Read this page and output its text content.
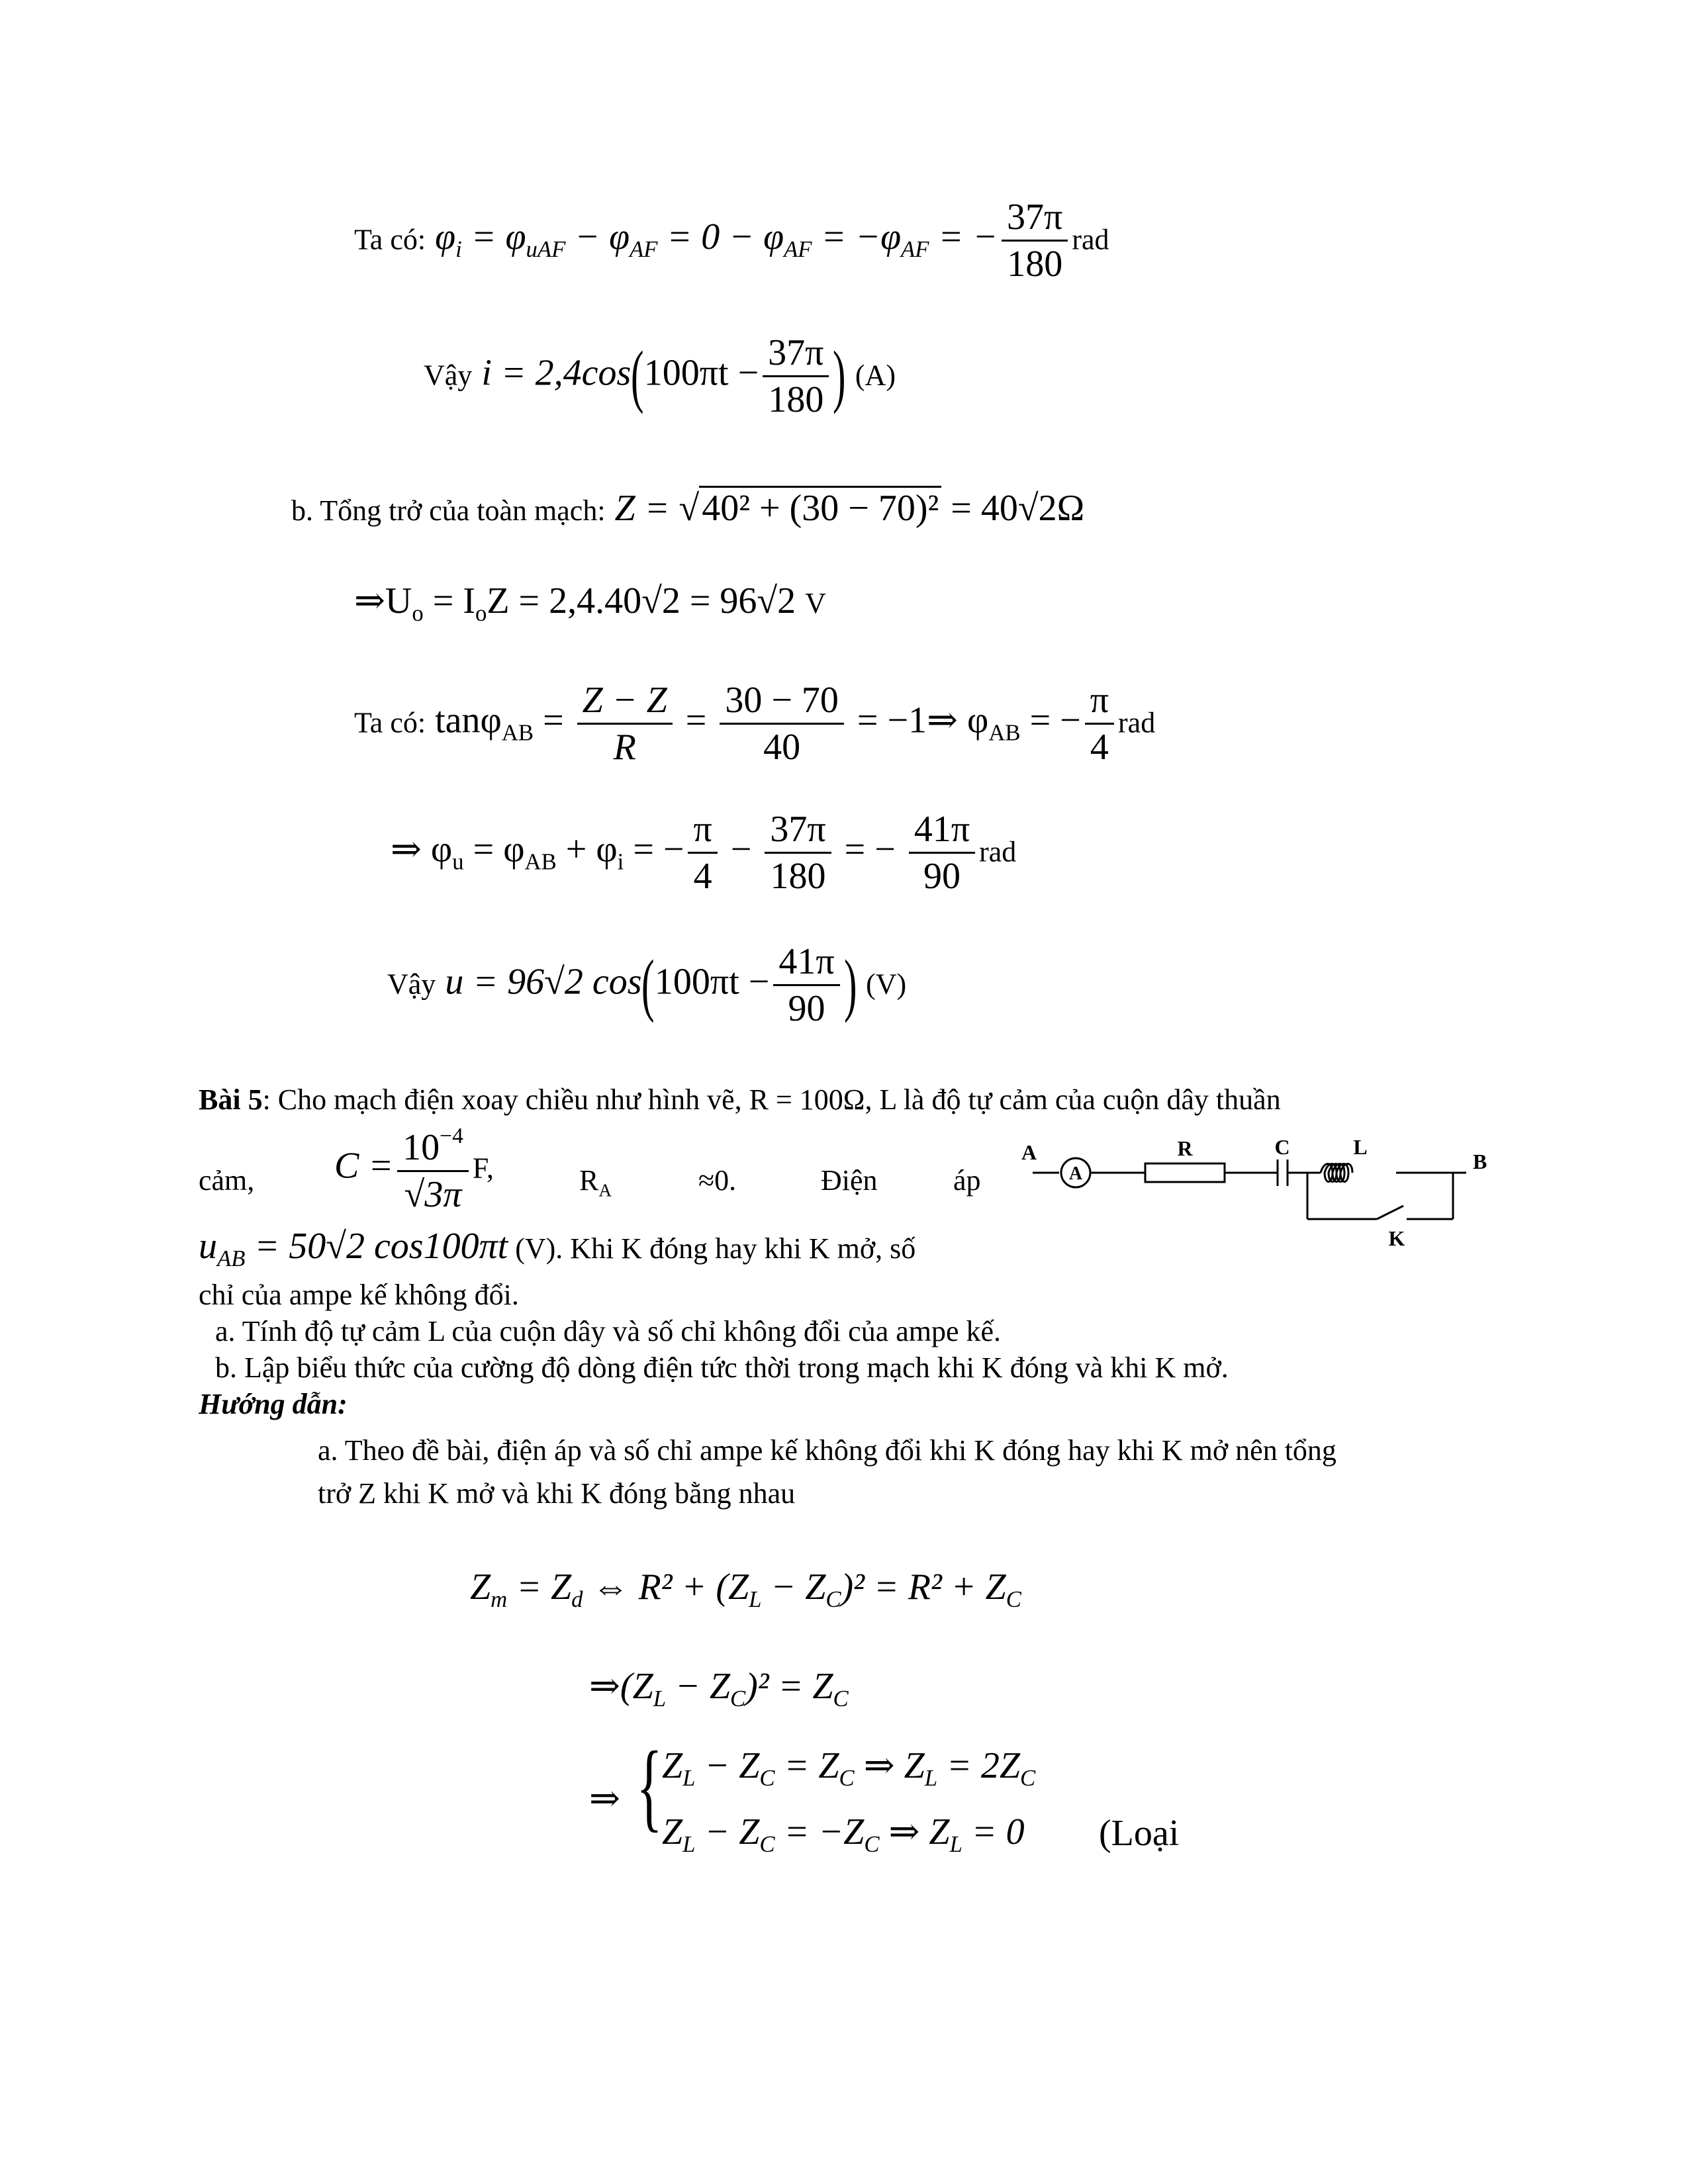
Ta có: $\varphi_i = \varphi_{uAF} - \varphi_{AF} = 0 - \varphi_{AF} = -\varphi_{AF}$ = − $\frac{37\pi}{180}$ rad
Vậy $i = 2,4\cos(100\pi t - \frac{37\pi}{180}$ ) (A)
b. Tổng trở của toàn mạch: Z = √40² + (30 − 70)² = 40√2Ω
$\Rightarrow U_o = I_oZ = 2,4.40√2 = 96√2$ V
Ta có: $\tan\varphi_{AB} = \frac{Z - Z}{R} = \frac{30 - 70}{40}$ = −1⇒ $\varphi_{AB}$ = − $\frac{\pi}{4}$ rad
⇒ $\varphi_u = \varphi_{AB} + \varphi_i$ = − $\frac{\pi}{4} - \frac{37\pi}{180}$ = − $\frac{41\pi}{90}$ rad
Vậy u = 96√2 $\cos(100\pi t - \frac{41\pi}{90}$ ) (V)
Bài 5: Cho mạch điện xoay chiều như hình vẽ, R = 100Ω, L là độ tự cảm của cuộn dây thuần
cảm, $C = \frac{10^{-4}}{√3\pi} F$,	$R_A$	≈0.	Điện	áp
A
A
R	C	L
B
K
$u_{AB} = 50√2$ cos100πt (V). Khi K đóng hay khi K mở, số
chỉ của ampe kế không đổi.
a. Tính độ tự cảm L của cuộn dây và số chỉ không đổi của ampe kế.
b. Lập biểu thức của cường độ dòng điện tức thời trong mạch khi K đóng và khi K mở.
Hướng dẫn:
a. Theo đề bài, điện áp và số chỉ ampe kế không đổi khi K đóng hay khi K mở nên tổng
trở Z khi K mở và khi K đóng bằng nhau
$Z_m = Z_d$ ⇔ $R^2 + (Z_L - Z_C)^2 = R^2 + Z_C$
$\Rightarrow(Z_L - Z_C)^2 = Z_C$
⇒ { $Z_L - Z_C = Z_C$ ⇒ $Z_L = 2Z_C$
$Z_L - Z_C = -Z_C$ ⇒ $Z_L = 0$ (Loại
